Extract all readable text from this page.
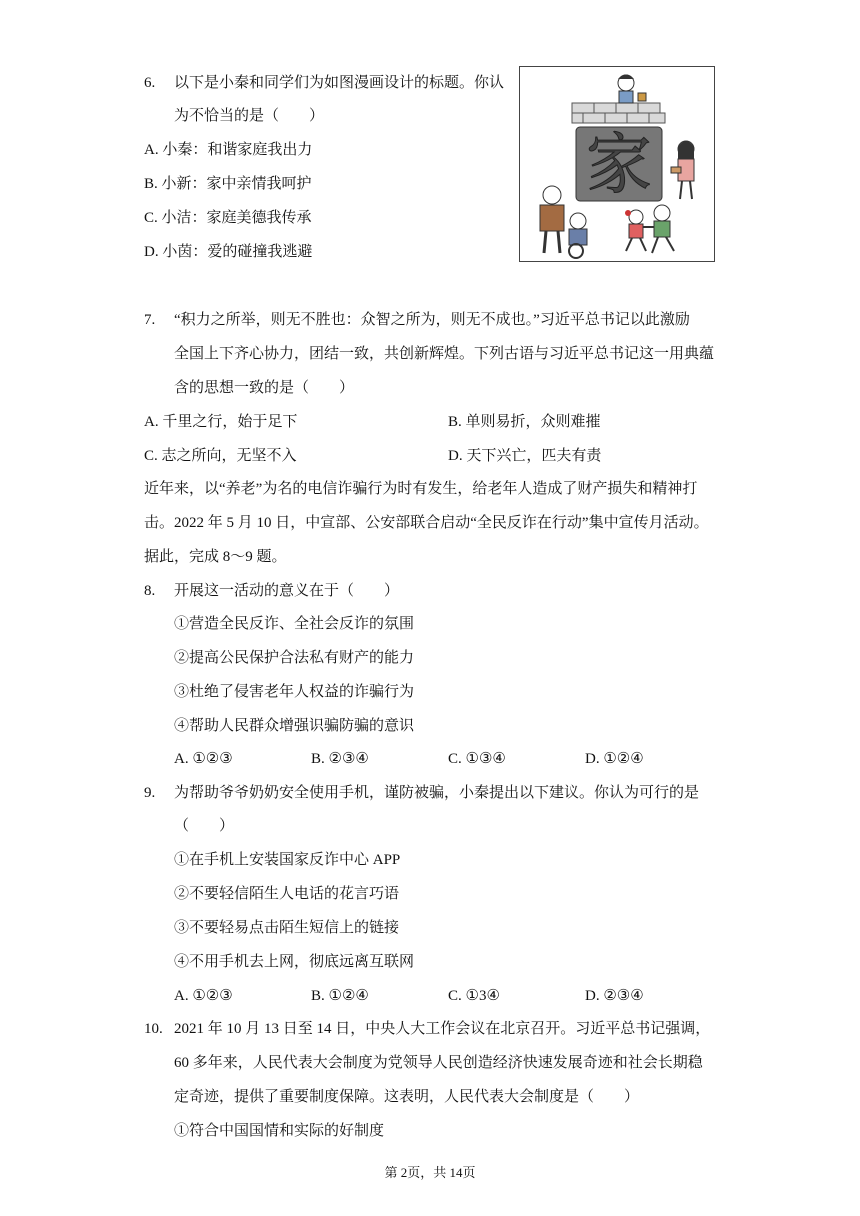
6. 以下是小秦和同学们为如图漫画设计的标题。你认
为不恰当的是（　　）
A. 小秦：和谐家庭我出力
B. 小新：家中亲情我呵护
C. 小洁：家庭美德我传承
D. 小茵：爱的碰撞我逃避
家
7. “积力之所举，则无不胜也：众智之所为，则无不成也。”习近平总书记以此激励
全国上下齐心协力，团结一致，共创新辉煌。下列古语与习近平总书记这一用典蕴
含的思想一致的是（　　）
A. 千里之行，始于足下	B. 单则易折，众则难摧
C. 志之所向，无坚不入	D. 天下兴亡，匹夫有责
近年来，以“养老”为名的电信诈骗行为时有发生，给老年人造成了财产损失和精神打
击。2022 年 5 月 10 日，中宣部、公安部联合启动“全民反诈在行动”集中宣传月活动。
据此，完成 8～9 题。
8. 开展这一活动的意义在于（　　）
①营造全民反诈、全社会反诈的氛围
②提高公民保护合法私有财产的能力
③杜绝了侵害老年人权益的诈骗行为
④帮助人民群众增强识骗防骗的意识
A. ①②③	B. ②③④	C. ①③④	D. ①②④
9. 为帮助爷爷奶奶安全使用手机，谨防被骗，小秦提出以下建议。你认为可行的是
（　　）
①在手机上安装国家反诈中心 APP
②不要轻信陌生人电话的花言巧语
③不要轻易点击陌生短信上的链接
④不用手机去上网，彻底远离互联网
A. ①②③	B. ①②④	C. ①3④	D. ②③④
10. 2021 年 10 月 13 日至 14 日，中央人大工作会议在北京召开。习近平总书记强调，
60 多年来，人民代表大会制度为党领导人民创造经济快速发展奇迹和社会长期稳
定奇迹，提供了重要制度保障。这表明，人民代表大会制度是（　　）
①符合中国国情和实际的好制度
第 2页，共 14页
